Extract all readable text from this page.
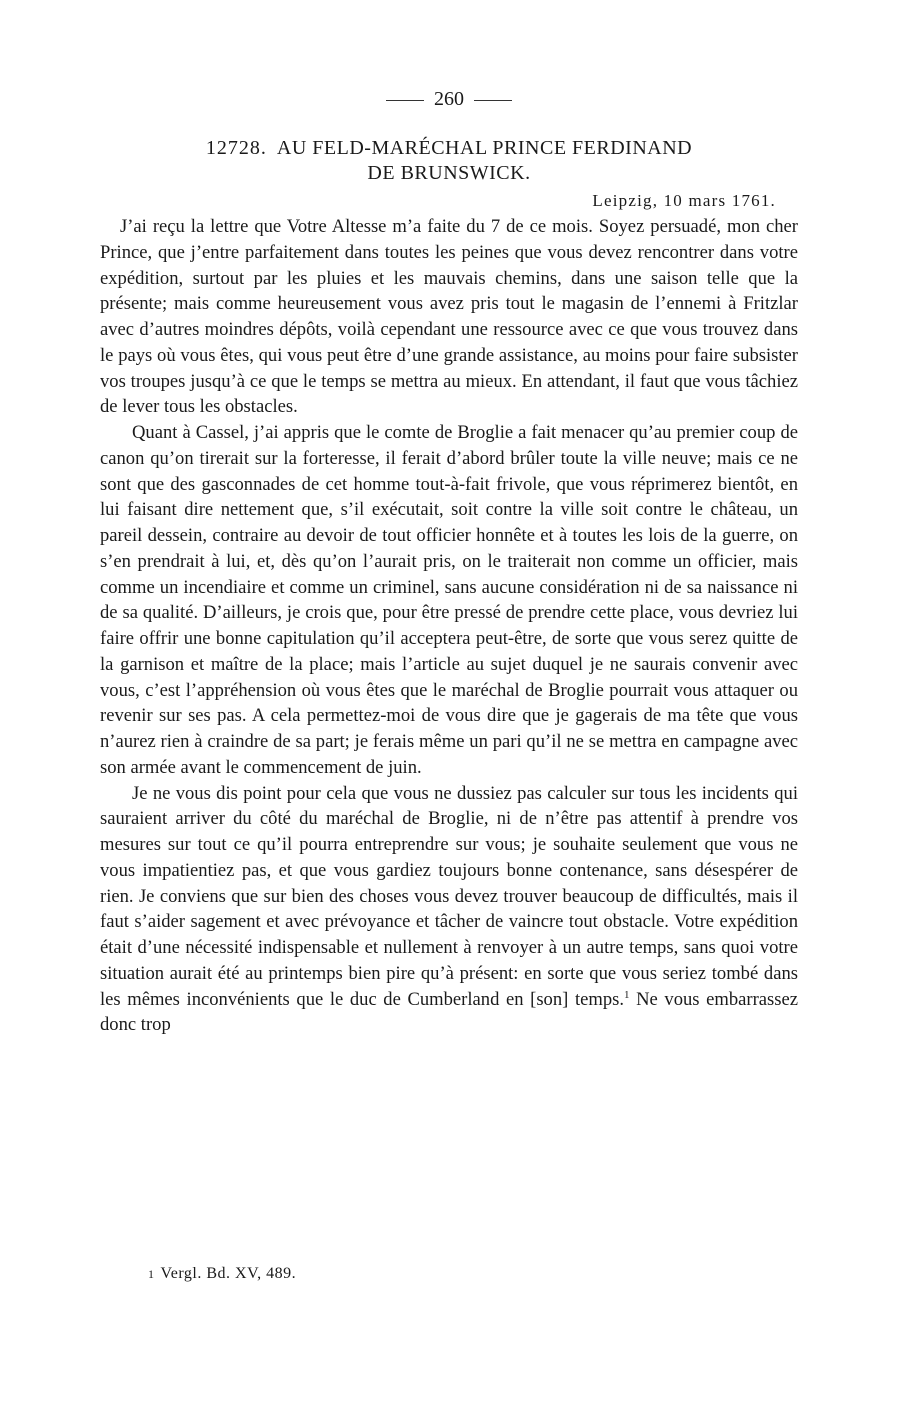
260
12728. AU FELD-MARÉCHAL PRINCE FERDINAND
DE BRUNSWICK.
Leipzig, 10 mars 1761.

J’ai reçu la lettre que Votre Altesse m’a faite du 7 de ce mois. Soyez persuadé, mon cher Prince, que j’entre parfaitement dans toutes les peines que vous devez rencontrer dans votre expédition, surtout par les pluies et les mauvais chemins, dans une saison telle que la présente; mais comme heureusement vous avez pris tout le magasin de l’ennemi à Fritzlar avec d’autres moindres dépôts, voilà cependant une ressource avec ce que vous trouvez dans le pays où vous êtes, qui vous peut être d’une grande assistance, au moins pour faire subsister vos troupes jusqu’à ce que le temps se mettra au mieux. En attendant, il faut que vous tâchiez de lever tous les obstacles.

Quant à Cassel, j’ai appris que le comte de Broglie a fait menacer qu’au premier coup de canon qu’on tirerait sur la forteresse, il ferait d’abord brûler toute la ville neuve; mais ce ne sont que des gasconnades de cet homme tout-à-fait frivole, que vous réprimerez bientôt, en lui faisant dire nettement que, s’il exécutait, soit contre la ville soit contre le château, un pareil dessein, contraire au devoir de tout officier honnête et à toutes les lois de la guerre, on s’en prendrait à lui, et, dès qu’on l’aurait pris, on le traiterait non comme un officier, mais comme un incendiaire et comme un criminel, sans aucune considération ni de sa naissance ni de sa qualité. D’ailleurs, je crois que, pour être pressé de prendre cette place, vous devriez lui faire offrir une bonne capitulation qu’il acceptera peut-être, de sorte que vous serez quitte de la garnison et maître de la place; mais l’article au sujet duquel je ne saurais convenir avec vous, c’est l’appréhension où vous êtes que le maréchal de Broglie pourrait vous attaquer ou revenir sur ses pas. A cela permettez-moi de vous dire que je gagerais de ma tête que vous n’aurez rien à craindre de sa part; je ferais même un pari qu’il ne se mettra en campagne avec son armée avant le commencement de juin.

Je ne vous dis point pour cela que vous ne dussiez pas calculer sur tous les incidents qui sauraient arriver du côté du maréchal de Broglie, ni de n’être pas attentif à prendre vos mesures sur tout ce qu’il pourra entreprendre sur vous; je souhaite seulement que vous ne vous impatientiez pas, et que vous gardiez toujours bonne contenance, sans désespérer de rien. Je conviens que sur bien des choses vous devez trouver beaucoup de difficultés, mais il faut s’aider sagement et avec prévoyance et tâcher de vaincre tout obstacle. Votre expédition était d’une nécessité indispensable et nullement à renvoyer à un autre temps, sans quoi votre situation aurait été au printemps bien pire qu’à présent: en sorte que vous seriez tombé dans les mêmes inconvénients que le duc de Cumberland en [son] temps.$^1$ Ne vous embarrassez donc trop

1 Vergl. Bd. XV, 489.
